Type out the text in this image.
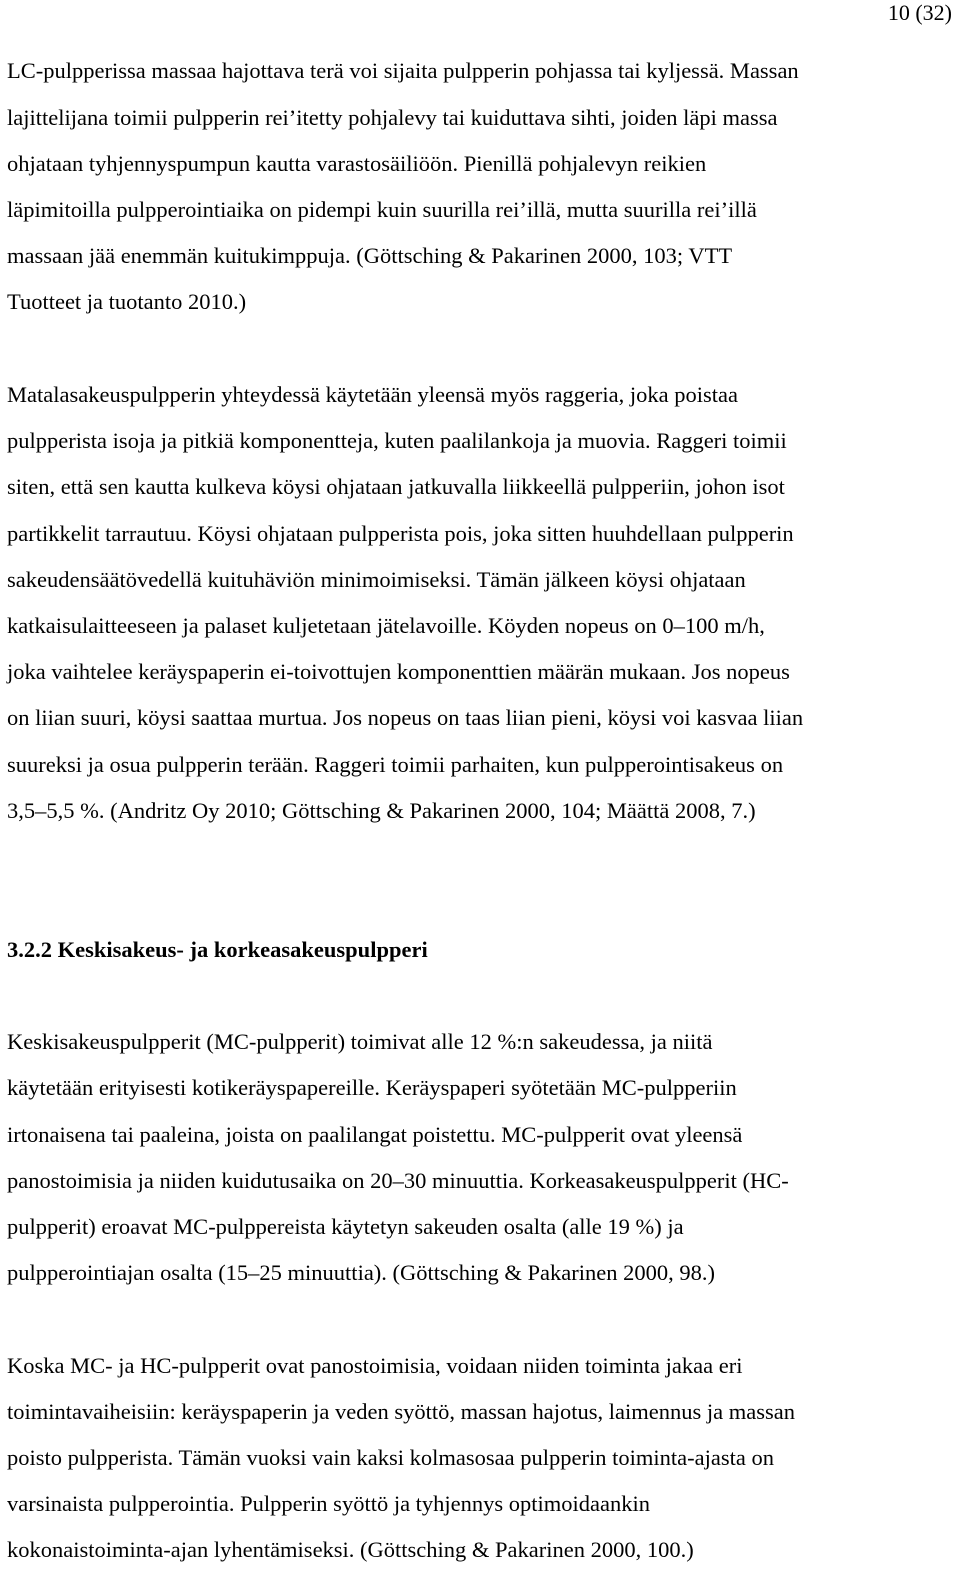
10 (32)
LC-pulpperissa massaa hajottava terä voi sijaita pulpperin pohjassa tai kyljessä. Massan
lajittelijana toimii pulpperin rei’itetty pohjalevy tai kuiduttava sihti, joiden läpi massa
ohjataan tyhjennyspumpun kautta varastosäiliöön. Pienillä pohjalevyn reikien
läpimitoilla pulpperointiaika on pidempi kuin suurilla rei’illä, mutta suurilla rei’illä
massaan jää enemmän kuitukimppuja. (Göttsching & Pakarinen 2000, 103; VTT
Tuotteet ja tuotanto 2010.)
Matalasakeuspulpperin yhteydessä käytetään yleensä myös raggeria, joka poistaa
pulpperista isoja ja pitkiä komponentteja, kuten paalilankoja ja muovia. Raggeri toimii
siten, että sen kautta kulkeva köysi ohjataan jatkuvalla liikkeellä pulpperiin, johon isot
partikkelit tarrautuu. Köysi ohjataan pulpperista pois, joka sitten huuhdellaan pulpperin
sakeudensäätövedellä kuituhäviön minimoimiseksi. Tämän jälkeen köysi ohjataan
katkaisulaitteeseen ja palaset kuljetetaan jätelavoille. Köyden nopeus on 0–100 m/h,
joka vaihtelee keräyspaperin ei-toivottujen komponenttien määrän mukaan. Jos nopeus
on liian suuri, köysi saattaa murtua. Jos nopeus on taas liian pieni, köysi voi kasvaa liian
suureksi ja osua pulpperin terään. Raggeri toimii parhaiten, kun pulpperointisakeus on
3,5–5,5 %. (Andritz Oy 2010; Göttsching & Pakarinen 2000, 104; Määttä 2008, 7.)
3.2.2 Keskisakeus- ja korkeasakeuspulpperi
Keskisakeuspulpperit (MC-pulpperit) toimivat alle 12 %:n sakeudessa, ja niitä
käytetään erityisesti kotikeräyspapereille. Keräyspaperi syötetään MC-pulpperiin
irtonaisena tai paaleina, joista on paalilangat poistettu. MC-pulpperit ovat yleensä
panostoimisia ja niiden kuidutusaika on 20–30 minuuttia. Korkeasakeuspulpperit (HC-
pulpperit) eroavat MC-pulppereista käytetyn sakeuden osalta (alle 19 %) ja
pulpperointiajan osalta (15–25 minuuttia). (Göttsching & Pakarinen 2000, 98.)
Koska MC- ja HC-pulpperit ovat panostoimisia, voidaan niiden toiminta jakaa eri
toimintavaiheisiin: keräyspaperin ja veden syöttö, massan hajotus, laimennus ja massan
poisto pulpperista. Tämän vuoksi vain kaksi kolmasosaa pulpperin toiminta-ajasta on
varsinaista pulpperointia. Pulpperin syöttö ja tyhjennys optimoidaankin
kokonaistoiminta-ajan lyhentämiseksi. (Göttsching & Pakarinen 2000, 100.)
